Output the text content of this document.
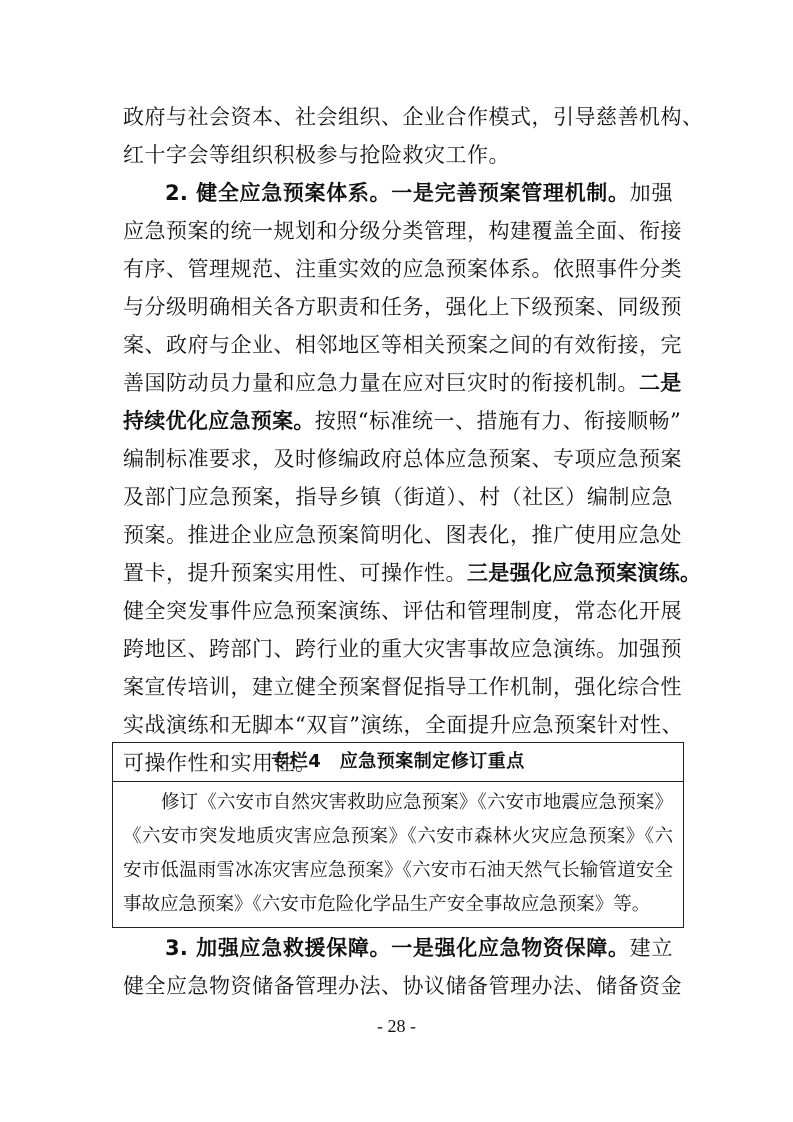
政府与社会资本、社会组织、企业合作模式，引导慈善机构、
红十字会等组织积极参与抢险救灾工作。
2. 健全应急预案体系。一是完善预案管理机制。加强
应急预案的统一规划和分级分类管理，构建覆盖全面、衔接
有序、管理规范、注重实效的应急预案体系。依照事件分类
与分级明确相关各方职责和任务，强化上下级预案、同级预
案、政府与企业、相邻地区等相关预案之间的有效衔接，完
善国防动员力量和应急力量在应对巨灾时的衔接机制。二是
持续优化应急预案。按照“标准统一、措施有力、衔接顺畅”
编制标准要求，及时修编政府总体应急预案、专项应急预案
及部门应急预案，指导乡镇（街道）、村（社区）编制应急
预案。推进企业应急预案简明化、图表化，推广使用应急处
置卡，提升预案实用性、可操作性。三是强化应急预案演练。
健全突发事件应急预案演练、评估和管理制度，常态化开展
跨地区、跨部门、跨行业的重大灾害事故应急演练。加强预
案宣传培训，建立健全预案督促指导工作机制，强化综合性
实战演练和无脚本“双盲”演练，全面提升应急预案针对性、
可操作性和实用性。
专栏4　应急预案制定修订重点
修订《六安市自然灾害救助应急预案》《六安市地震应急预案》
《六安市突发地质灾害应急预案》《六安市森林火灾应急预案》《六
安市低温雨雪冰冻灾害应急预案》《六安市石油天然气长输管道安全
事故应急预案》《六安市危险化学品生产安全事故应急预案》等。
3. 加强应急救援保障。一是强化应急物资保障。建立
健全应急物资储备管理办法、协议储备管理办法、储备资金
- 28 -
